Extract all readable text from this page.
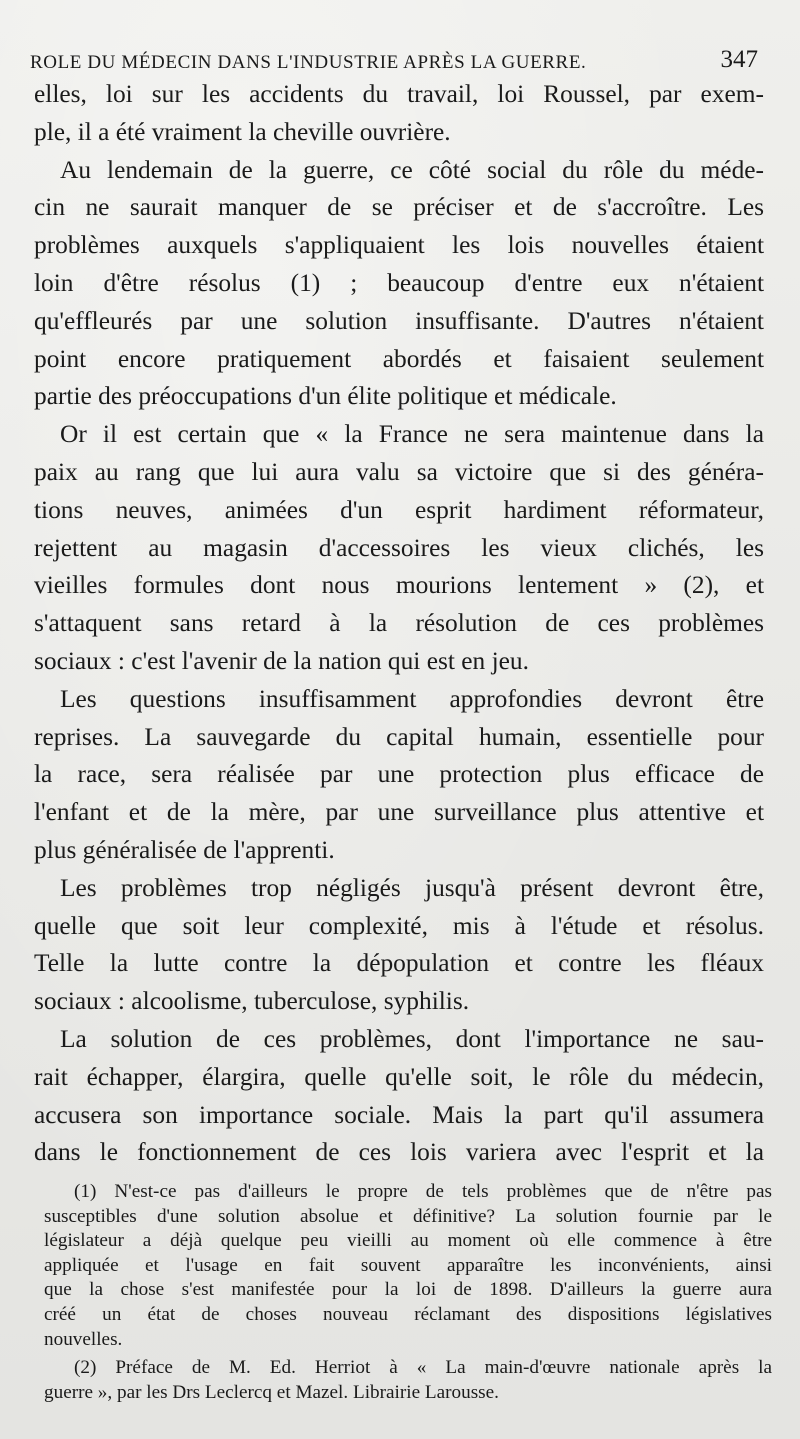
ROLE DU MÉDECIN DANS L'INDUSTRIE APRÈS LA GUERRE.	347

elles, loi sur les accidents du travail, loi Roussel, par exem-
ple, il a été vraiment la cheville ouvrière.

Au lendemain de la guerre, ce côté social du rôle du méde-
cin ne saurait manquer de se préciser et de s'accroître. Les
problèmes auxquels s'appliquaient les lois nouvelles étaient
loin d'être résolus (1) ; beaucoup d'entre eux n'étaient
qu'effleurés par une solution insuffisante. D'autres n'étaient
point encore pratiquement abordés et faisaient seulement
partie des préoccupations d'un élite politique et médicale.

Or il est certain que « la France ne sera maintenue dans la
paix au rang que lui aura valu sa victoire que si des généra-
tions neuves, animées d'un esprit hardiment réformateur,
rejettent au magasin d'accessoires les vieux clichés, les
vieilles formules dont nous mourions lentement » (2), et
s'attaquent sans retard à la résolution de ces problèmes
sociaux : c'est l'avenir de la nation qui est en jeu.

Les questions insuffisamment approfondies devront être
reprises. La sauvegarde du capital humain, essentielle pour
la race, sera réalisée par une protection plus efficace de
l'enfant et de la mère, par une surveillance plus attentive et
plus généralisée de l'apprenti.

Les problèmes trop négligés jusqu'à présent devront être,
quelle que soit leur complexité, mis à l'étude et résolus.
Telle la lutte contre la dépopulation et contre les fléaux
sociaux : alcoolisme, tuberculose, syphilis.

La solution de ces problèmes, dont l'importance ne sau-
rait échapper, élargira, quelle qu'elle soit, le rôle du médecin,
accusera son importance sociale. Mais la part qu'il assumera
dans le fonctionnement de ces lois variera avec l'esprit et la

(1) N'est-ce pas d'ailleurs le propre de tels problèmes que de n'être pas
susceptibles d'une solution absolue et définitive? La solution fournie par le
législateur a déjà quelque peu vieilli au moment où elle commence à être
appliquée et l'usage en fait souvent apparaître les inconvénients, ainsi
que la chose s'est manifestée pour la loi de 1898. D'ailleurs la guerre aura
créé un état de choses nouveau réclamant des dispositions législatives
nouvelles.
(2) Préface de M. Ed. Herriot à « La main-d'œuvre nationale après la
guerre », par les Drs Leclercq et Mazel. Librairie Larousse.
